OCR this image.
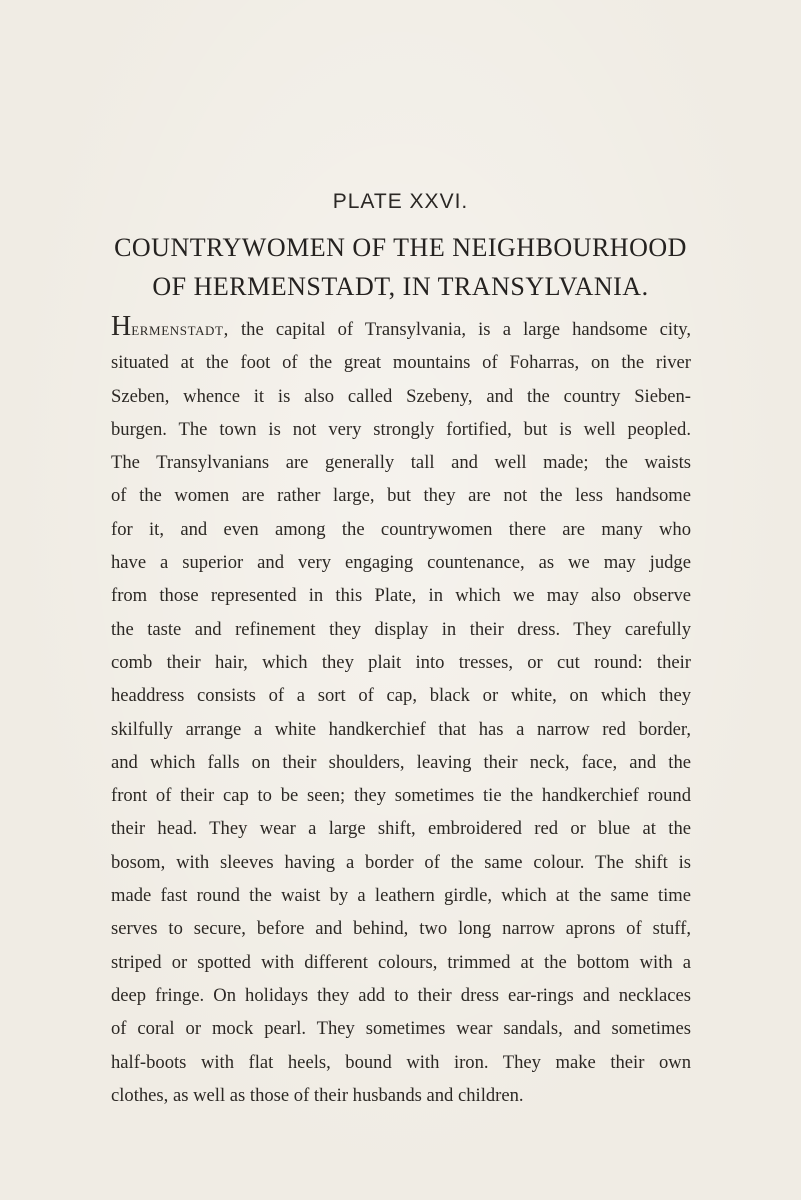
PLATE XXVI.
COUNTRYWOMEN OF THE NEIGHBOURHOOD
OF HERMENSTADT, IN TRANSYLVANIA.
Hermenstadt, the capital of Transylvania, is a large handsome city,
situated at the foot of the great mountains of Foharras, on the river
Szeben, whence it is also called Szebeny, and the country Sieben-
burgen. The town is not very strongly fortified, but is well peopled.
The Transylvanians are generally tall and well made; the waists
of the women are rather large, but they are not the less handsome
for it, and even among the countrywomen there are many who
have a superior and very engaging countenance, as we may judge
from those represented in this Plate, in which we may also observe
the taste and refinement they display in their dress. They carefully
comb their hair, which they plait into tresses, or cut round: their
headdress consists of a sort of cap, black or white, on which they
skilfully arrange a white handkerchief that has a narrow red border,
and which falls on their shoulders, leaving their neck, face, and the
front of their cap to be seen; they sometimes tie the handkerchief round
their head. They wear a large shift, embroidered red or blue at the
bosom, with sleeves having a border of the same colour. The shift is
made fast round the waist by a leathern girdle, which at the same time
serves to secure, before and behind, two long narrow aprons of stuff,
striped or spotted with different colours, trimmed at the bottom with a
deep fringe. On holidays they add to their dress ear-rings and necklaces
of coral or mock pearl. They sometimes wear sandals, and sometimes
half-boots with flat heels, bound with iron. They make their own
clothes, as well as those of their husbands and children.
